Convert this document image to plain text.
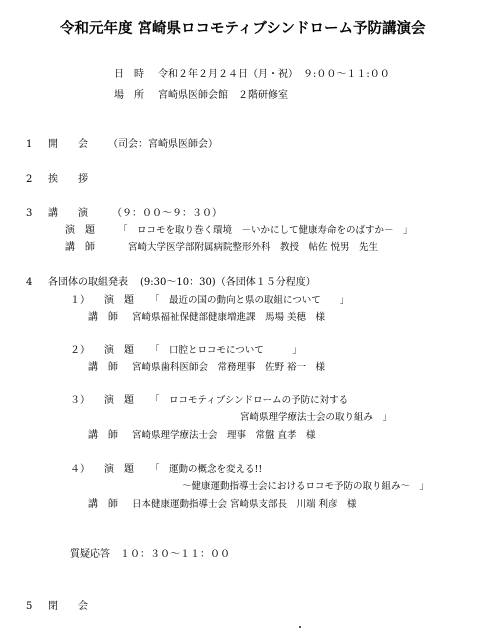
令和元年度 宮崎県ロコモティブシンドローム予防講演会
日　時 令和２年２月２４日（月・祝）　９:００～１１:００
場　所 宮崎県医師会館　２階研修室
1 開　　会 （司会：宮崎県医師会）
2 挨　　拶
3 講　　演 （９：００～９：３０）
演　題 「　ロコモを取り巻く環境　－いかにして健康寿命をのばすか－　」
講　師	宮崎大学医学部附属病院整形外科　教授　帖佐 悦男　先生
4 各団体の取組発表 (9:30～10：30)（各団体１５分程度）
１） 演　題 「　最近の国の動向と県の取組について　　」
講　師 宮崎県福祉保健部健康増進課　馬場 美穂　様
２） 演　題 「　口腔とロコモについて　　　」
講　師 宮崎県歯科医師会　常務理事　佐野 裕一　様
３） 演　題 「　ロコモティブシンドロームの予防に対する
宮崎県理学療法士会の取り組み　」
講　師 宮崎県理学療法士会　理事　常盤 直孝　様
４） 演　題 「　運動の概念を変える!!
～健康運動指導士会におけるロコモ予防の取り組み～　」
講　師 日本健康運動指導士会 宮崎県支部長　川端 利彦　様
質疑応答　１０：３０～１１：００
5 閉　　会
